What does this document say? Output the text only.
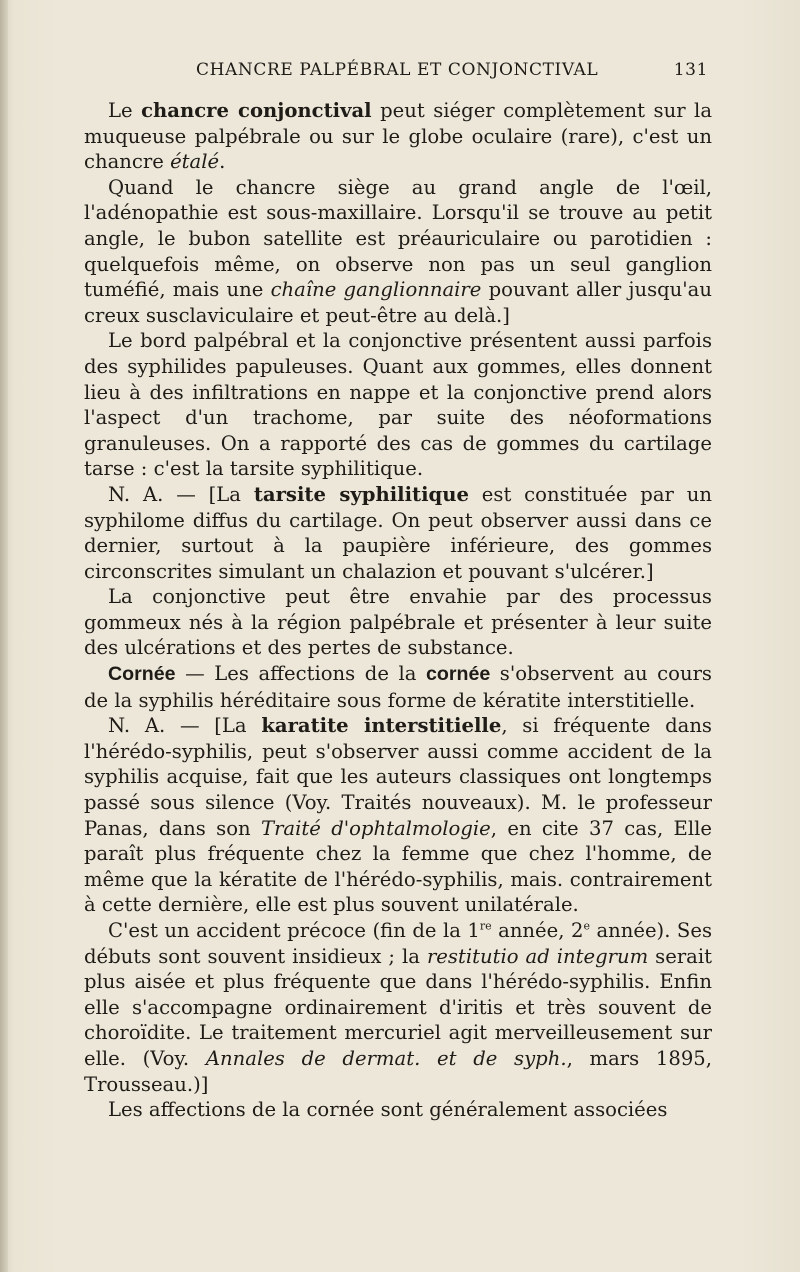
CHANCRE PALPÉBRAL ET CONJONCTIVAL	131

Le chancre conjonctival peut siéger complètement sur la muqueuse palpébrale ou sur le globe oculaire (rare), c'est un chancre étalé.

Quand le chancre siège au grand angle de l'œil, l'adénopathie est sous-maxillaire. Lorsqu'il se trouve au petit angle, le bubon satellite est préauriculaire ou parotidien : quelquefois même, on observe non pas un seul ganglion tuméfié, mais une chaîne ganglionnaire pouvant aller jusqu'au creux susclaviculaire et peut-être au delà.]

Le bord palpébral et la conjonctive présentent aussi parfois des syphilides papuleuses. Quant aux gommes, elles donnent lieu à des infiltrations en nappe et la conjonctive prend alors l'aspect d'un trachome, par suite des néoformations granuleuses. On a rapporté des cas de gommes du cartilage tarse : c'est la tarsite syphilitique.

N. A. — [La tarsite syphilitique est constituée par un syphilome diffus du cartilage. On peut observer aussi dans ce dernier, surtout à la paupière inférieure, des gommes circonscrites simulant un chalazion et pouvant s'ulcérer.]

La conjonctive peut être envahie par des processus gommeux nés à la région palpébrale et présenter à leur suite des ulcérations et des pertes de substance.

Cornée — Les affections de la cornée s'observent au cours de la syphilis héréditaire sous forme de kératite interstitielle.

N. A. — [La karatite interstitielle, si fréquente dans l'hérédo-syphilis, peut s'observer aussi comme accident de la syphilis acquise, fait que les auteurs classiques ont longtemps passé sous silence (Voy. Traités nouveaux). M. le professeur Panas, dans son Traité d'ophtalmologie, en cite 37 cas, Elle paraît plus fréquente chez la femme que chez l'homme, de même que la kératite de l'hérédo-syphilis, mais. contrairement à cette dernière, elle est plus souvent unilatérale.

C'est un accident précoce (fin de la 1re année, 2e année). Ses débuts sont souvent insidieux ; la restitutio ad integrum serait plus aisée et plus fréquente que dans l'hérédo-syphilis. Enfin elle s'accompagne ordinairement d'iritis et très souvent de choroïdite. Le traitement mercuriel agit merveilleusement sur elle. (Voy. Annales de dermat. et de syph., mars 1895, Trousseau.)]

Les affections de la cornée sont généralement associées
